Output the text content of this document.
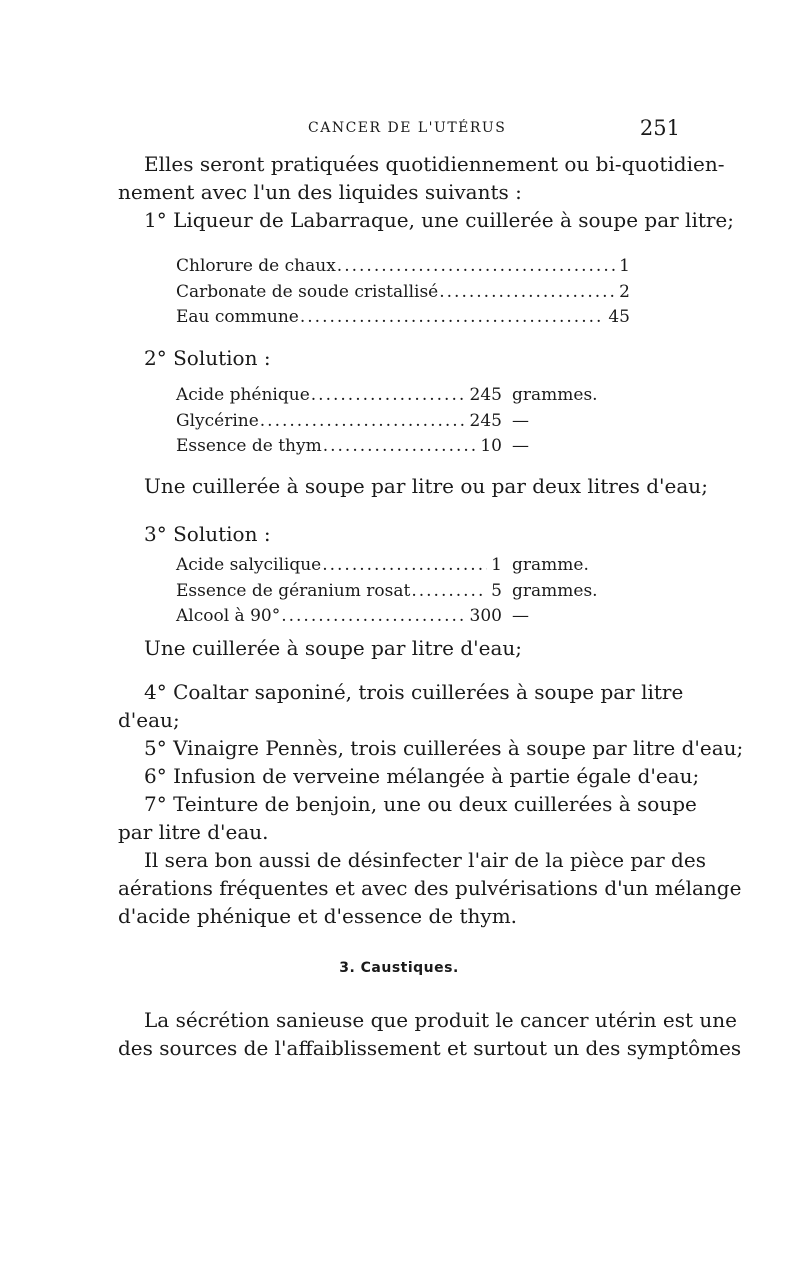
CANCER DE L'UTÉRUS	251
Elles seront pratiquées quotidiennement ou bi-quotidien-
nement avec l'un des liquides suivants :
1° Liqueur de Labarraque, une cuillerée à soupe par litre;
Chlorure de chaux .....	1
Carbonate de soude cristallisé .....	2
Eau commune .....	45
2° Solution :
Acide phénique .....	245 grammes.
Glycérine .....	245 —
Essence de thym .....	10 —
Une cuillerée à soupe par litre ou par deux litres d'eau;
3° Solution :
Acide salycilique .....	1 gramme.
Essence de géranium rosat .....	5 grammes.
Alcool à 90° .....	300 —
Une cuillerée à soupe par litre d'eau;
4° Coaltar saponiné, trois cuillerées à soupe par litre
d'eau;
5° Vinaigre Pennès, trois cuillerées à soupe par litre d'eau;
6° Infusion de verveine mélangée à partie égale d'eau;
7° Teinture de benjoin, une ou deux cuillerées à soupe
par litre d'eau.
Il sera bon aussi de désinfecter l'air de la pièce par des
aérations fréquentes et avec des pulvérisations d'un mélange
d'acide phénique et d'essence de thym.
3. Caustiques.
La sécrétion sanieuse que produit le cancer utérin est une
des sources de l'affaiblissement et surtout un des symptômes
